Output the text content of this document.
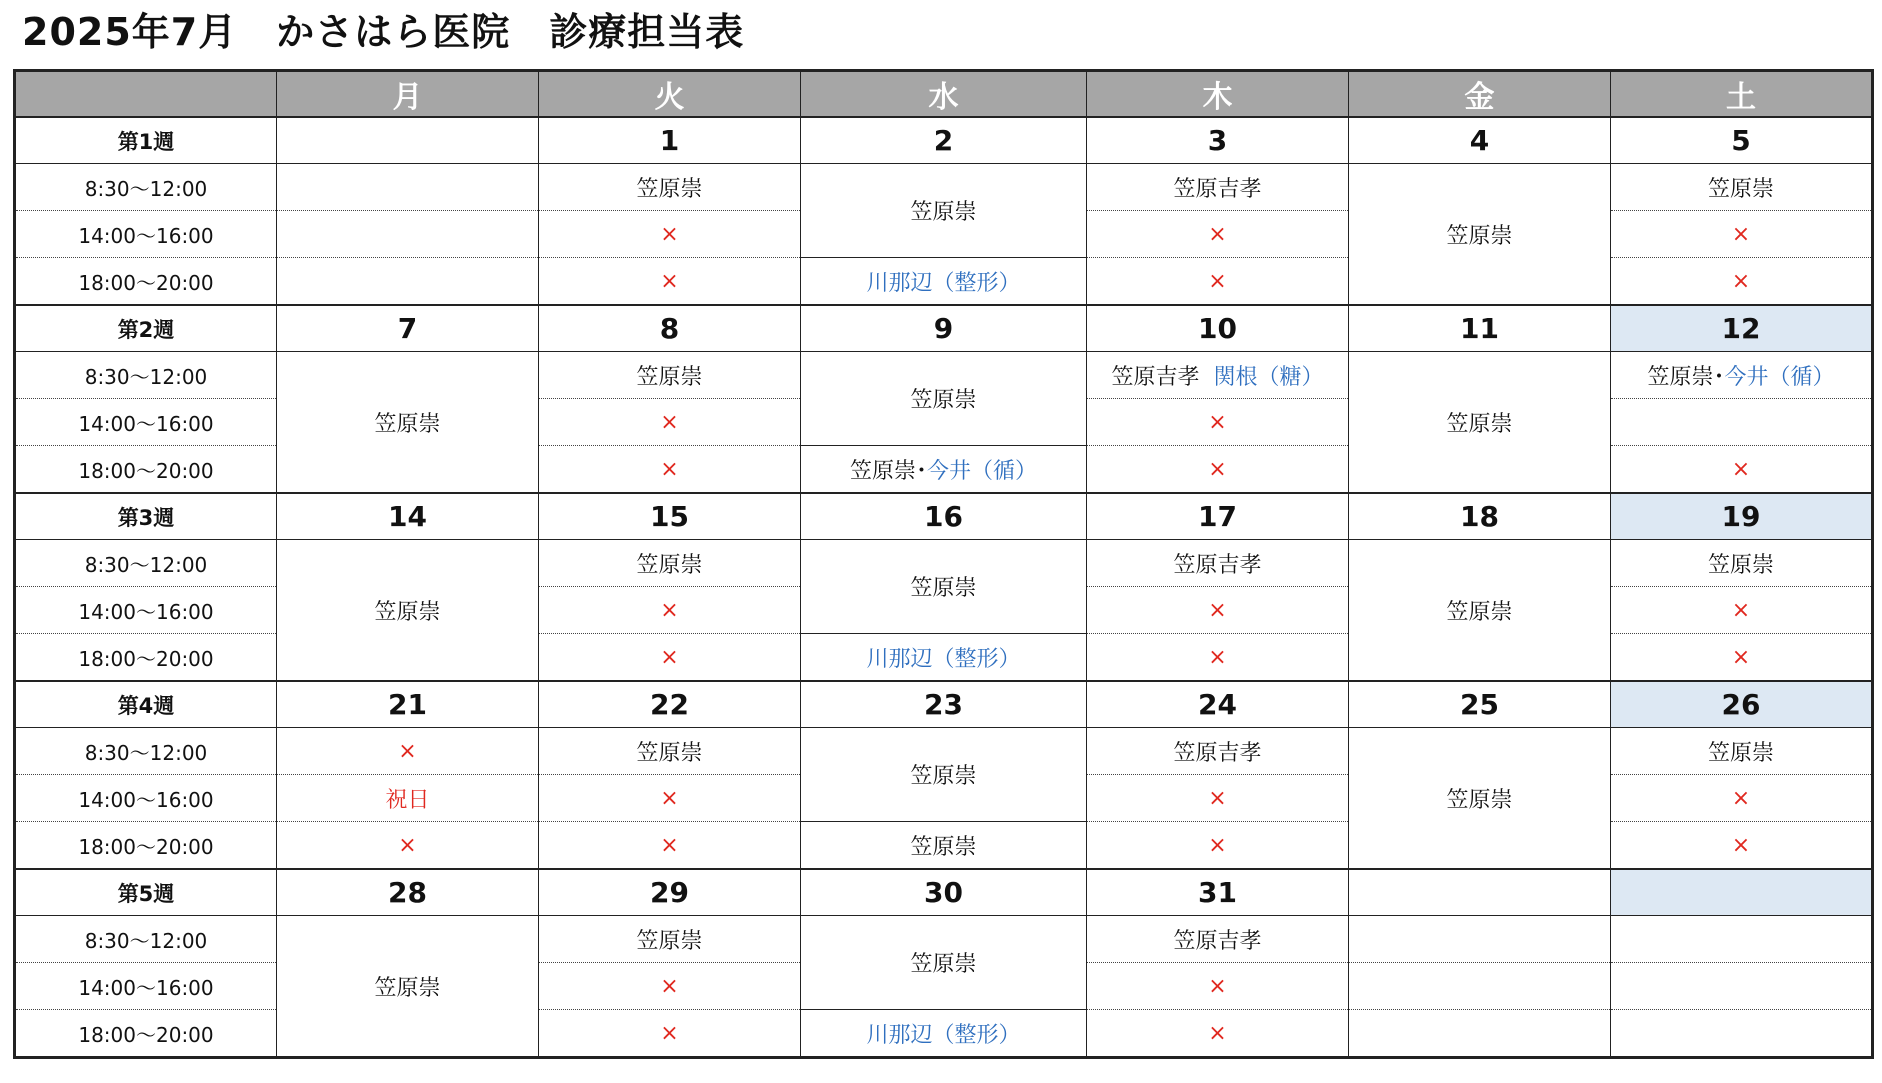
2025年7月　かさはら医院　診療担当表
	月	火	水	木	金	土
第1週		1	2	3	4	5
8:30～12:00		笠原崇	笠原崇	笠原吉孝	笠原崇	笠原崇
14:00～16:00		×		×		×
18:00～20:00		×	川那辺（整形）	×		×
第2週	7	8	9	10	11	12
8:30～12:00	笠原崇	笠原崇	笠原崇	笠原吉孝 関根（糖）	笠原崇	笠原崇･今井（循）
14:00～16:00		×		×		
18:00～20:00		×	笠原崇･今井（循）	×		×
第3週	14	15	16	17	18	19
8:30～12:00	笠原崇	笠原崇	笠原崇	笠原吉孝	笠原崇	笠原崇
14:00～16:00		×		×		×
18:00～20:00		×	川那辺（整形）	×		×
第4週	21	22	23	24	25	26
8:30～12:00	×	笠原崇	笠原崇	笠原吉孝	笠原崇	笠原崇
14:00～16:00	祝日	×		×		×
18:00～20:00	×	×	笠原崇	×		×
第5週	28	29	30	31		
8:30～12:00	笠原崇	笠原崇	笠原崇	笠原吉孝		
14:00～16:00		×		×		
18:00～20:00		×	川那辺（整形）	×		
